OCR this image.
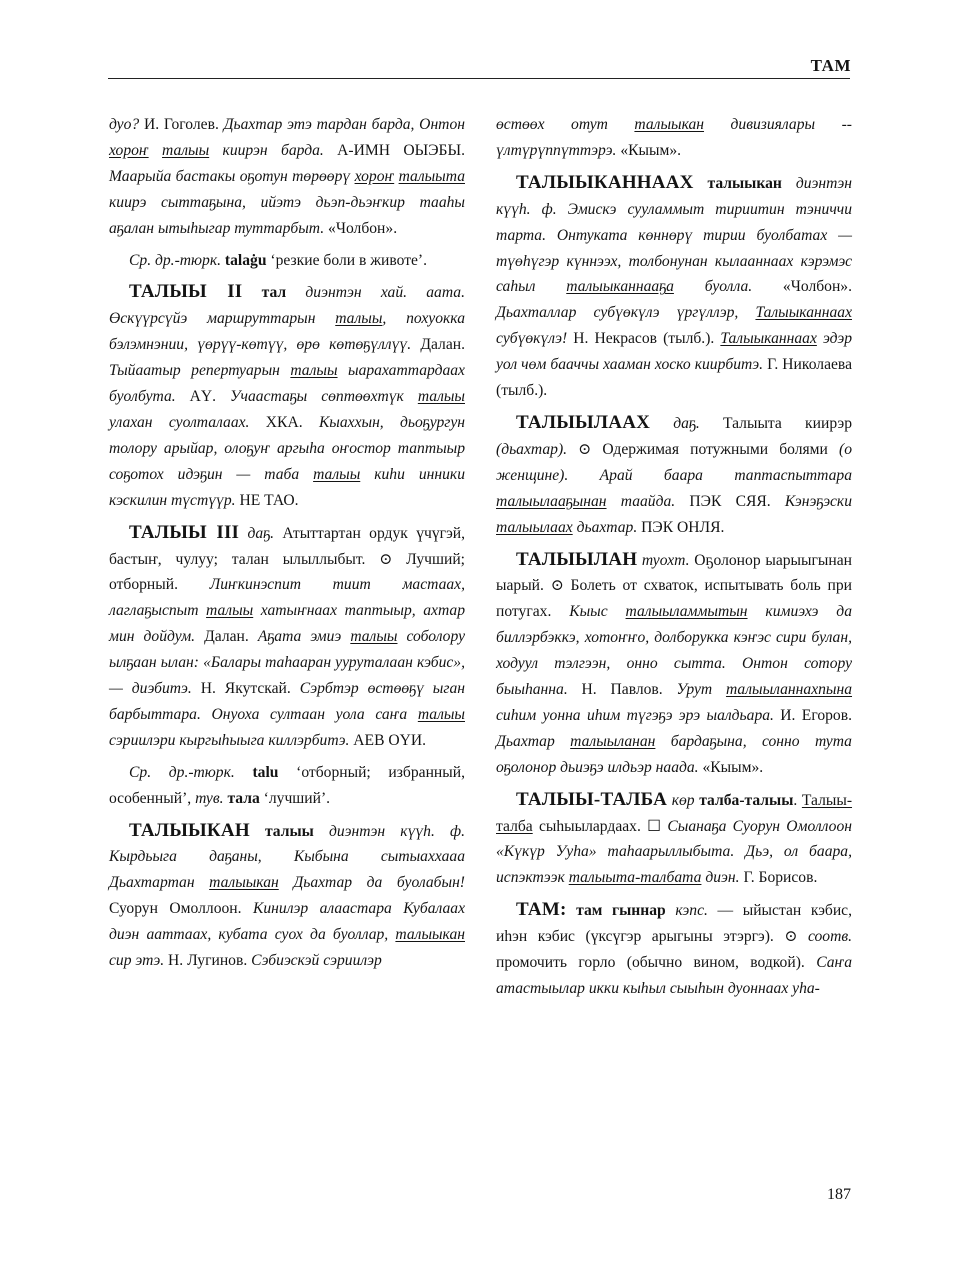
ТАМ

дуо? И. Гоголев. Дьахтар этэ тардан барда, Онтон хороҥ талыы киирэн барда. А-ИМН ОЫЭБЫ. Маарыйа бастакы оҕотун төрөөрү хороҥ талыыта киирэ сыттаҕына, ийэтэ дьэп-дьэҥкир тааһы аҕалан ытыһыгар туттарбыт. «Чолбон».

Ср. др.-тюрк. talaġu ‘резкие боли в животе’.

ТАЛЫЫ II тал диэнтэн хай. аата. Өскүүрсүйэ маршруттарын талыы, похуокка бэлэмнэнии, үөрүү-көтүү, өрө көтөҕүллүү. Далан. Тыйаатыр репертуарын талыы ыарахаттардаах буолбута. АҮ. Учаастаҕы сөптөөхтүк талыы улахан суолталаах. ХКА. Кыаххын, дьоҕургун толору арыйар, олоҕуҥ аргыһа оҥостор таптыыр соҕотох идэҕин — таба талыы киһи инники кэскилин түстүүр. НЕ ТАО.

ТАЛЫЫ III даҕ. Атыттартан ордук үчүгэй, бастыҥ, чулуу; талан ылыллыбыт. ⊙ Лучший; отборный. Лиҥкинэспит тиит мастаах, лаглаҕыспыт талыы хатыҥнаах таптыыр, ахтар мин дойдум. Далан. Аҕата эмиэ талыы соболору ылҕаан ылан: «Балары таһааран ууруталаан кэбис», — диэбитэ. Н. Якутскай. Сэрбтэр өстөөҕү ыган барбыттара. Онуоха султаан уола саҥа талыы сэриилэри кыргыһыыга киллэрбитэ. АЕВ ОҮИ.

Ср. др.-тюрк. talu ‘отборный; избранный, особенный’, тув. тала ‘лучший’.

ТАЛЫЫКАН талыы диэнтэн күүһ. ф. Кырдьыга даҕаны, Кыбына сытыаххааа Дьахтартан талыыкан Дьахтар да буолабын! Суорун Омоллоон. Кинилэр алаастара Кубалаах диэн ааттаах, кубата суох да буоллар, талыыкан сир этэ. Н. Лугинов. Сэбиэскэй сэриилэр

өстөөх отут талыыкан дивизиялары ‑‑ үлтүрүппүттэрэ. «Кыым».

ТАЛЫЫКАННААХ талыыкан диэнтэн күүһ. ф. Эмискэ сууламмыт тириитин тэниччи тарта. Онтукатa көннөрү тирии буолбатах — түөһүгэр күннээх, толбонунан кылааннаах кэрэмэс саһыл талыыканнааҕа буолла. «Чолбон». Дьахталлар субүөкүлэ үргүллэр, Талыыканнаах субүөкүлэ! Н. Некрасов (тылб.). Талыыканнаах эдэр уол чөм бааччы хааман хоско киирбитэ. Г. Николаева (тылб.).

ТАЛЫЫЛААХ даҕ. Талыыта киирэр (дьахтар). ⊙ Одержимая потужными болями (о женщине). Арай баара таптаспыттара талыылааҕынан таайда. ПЭК СЯЯ. Кэнэҕэски талыылаах дьахтар. ПЭК ОНЛЯ.

ТАЛЫЫЛАН туохт. Оҕолонор ыарыыгынан ыарый. ⊙ Болеть от схваток, испытывать боль при потугах. Кыыс талыыламмытын кимиэхэ да биллэрбэккэ, хотоҥҥо, долборукка кэҥэс сири булан, ходуул тэлгээн, онно сытта. Онтон сотору быыһанна. Н. Павлов. Урут талыыланнахпына сиһим уонна иһим түгэҕэ эрэ ыалдьара. И. Егоров. Дьахтар талыыланан бардаҕына, сонно тута оҕолонор дьиэҕэ илдьэр наада. «Кыым».

ТАЛЫЫ-ТАЛБА көр талба-талыы. Талыы-талба сыһыылардаах. ☐ Сыанаҕа Суорун Омоллоон «Күкүр Ууһа» таһаарыллыбыта. Дьэ, ол баара, испэктээк талыыта-талбата диэн. Г. Борисов.

ТАМ: там гыннар кэпс. — ыйыстан кэбис, иһэн кэбис (үксүгэр арыгыны этэргэ). ⊙ соотв. промочить горло (обычно вином, водкой). Саҥа атастыылар икки кыһыл сыыһын дуоннаах уһа-

187
